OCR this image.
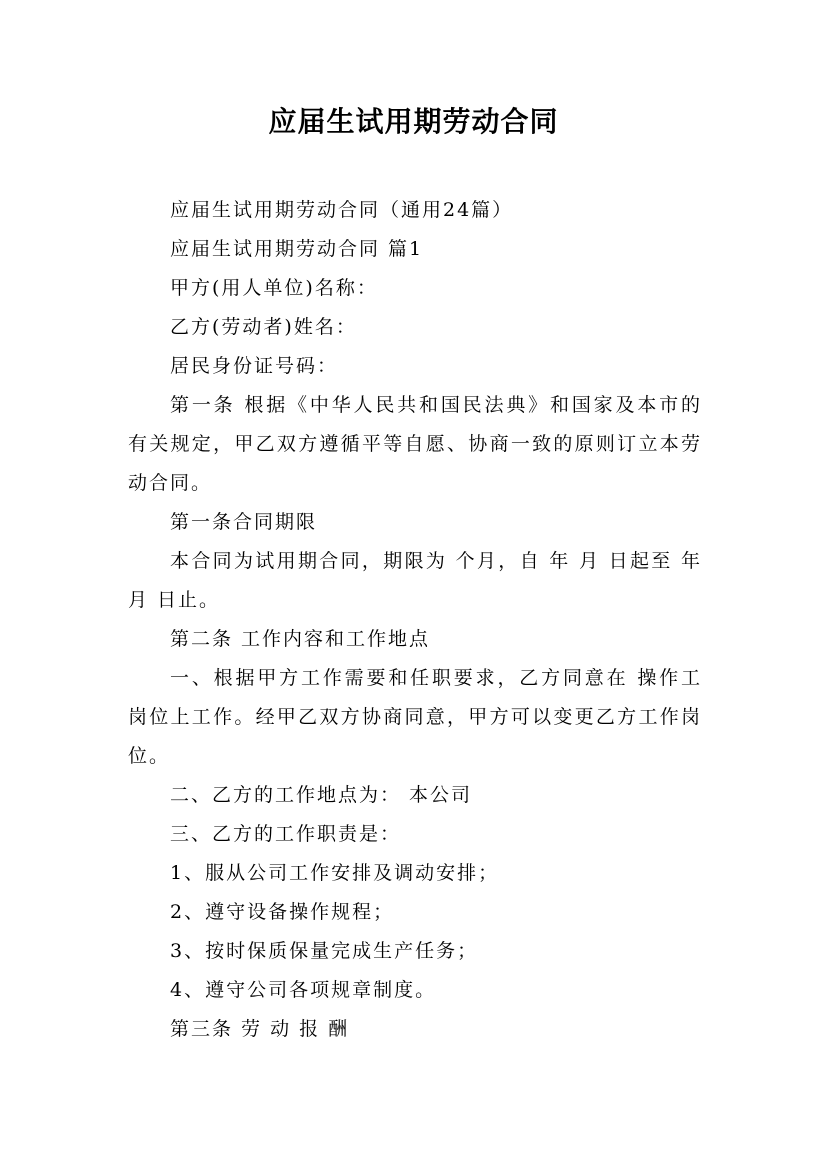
应届生试用期劳动合同

应届生试用期劳动合同（通用24篇）

应届生试用期劳动合同 篇1

甲方(用人单位)名称：

乙方(劳动者)姓名：

居民身份证号码：

第一条 根据《中华人民共和国民法典》和国家及本市的有关规定，甲乙双方遵循平等自愿、协商一致的原则订立本劳动合同。

第一条合同期限

本合同为试用期合同，期限为 个月，自 年 月 日起至 年 月 日止。

第二条 工作内容和工作地点

一、根据甲方工作需要和任职要求，乙方同意在 操作工 岗位上工作。经甲乙双方协商同意，甲方可以变更乙方工作岗位。

二、乙方的工作地点为： 本公司

三、乙方的工作职责是：

1、服从公司工作安排及调动安排；

2、遵守设备操作规程；

3、按时保质保量完成生产任务；

4、遵守公司各项规章制度。

第三条 劳 动 报 酬
